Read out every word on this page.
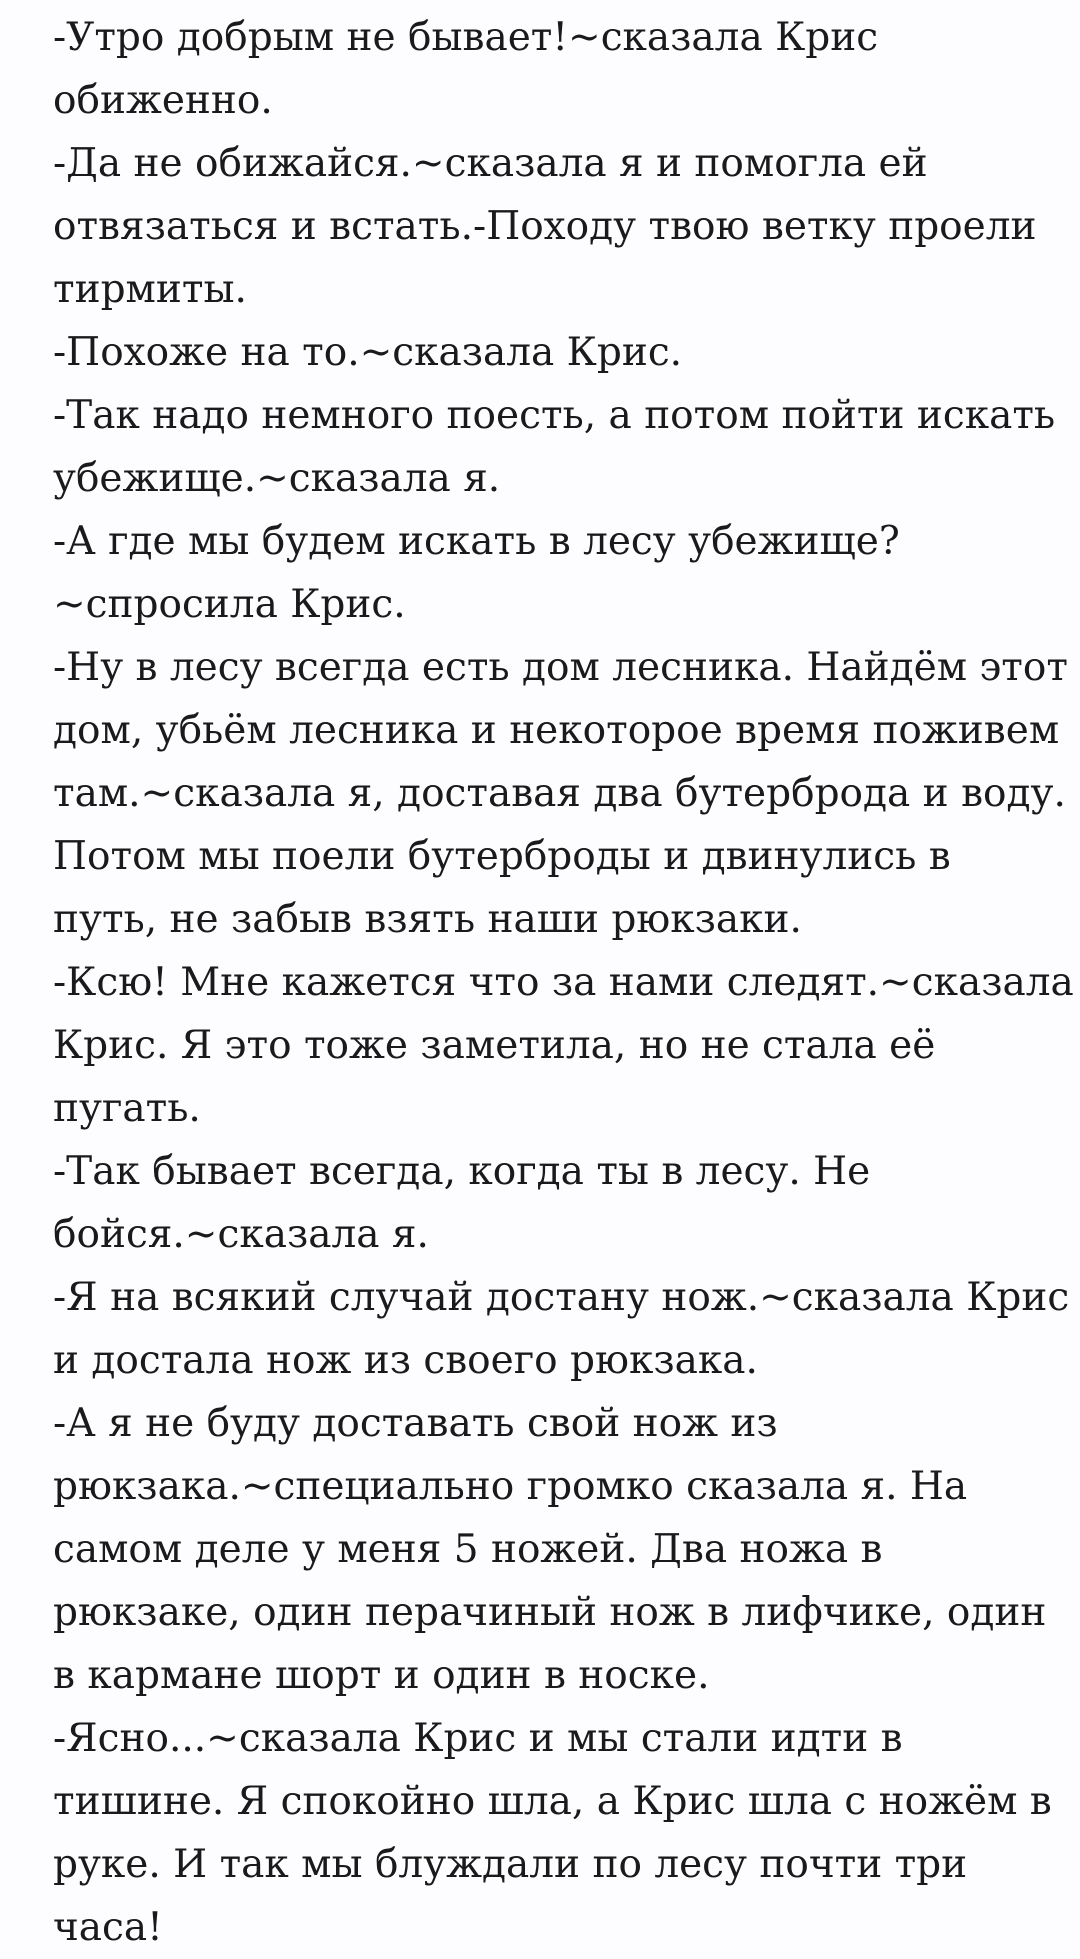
-Утро добрым не бывает!~сказала Крис
обиженно.
-Да не обижайся.~сказала я и помогла ей
отвязаться и встать.-Походу твою ветку проели
тирмиты.
-Похоже на то.~сказала Крис.
-Так надо немного поесть, а потом пойти искать
убежище.~сказала я.
-А где мы будем искать в лесу убежище?
~спросила Крис.
-Ну в лесу всегда есть дом лесника. Найдём этот
дом, убьём лесника и некоторое время поживем
там.~сказала я, доставая два бутерброда и воду.
Потом мы поели бутерброды и двинулись в
путь, не забыв взять наши рюкзаки.
-Ксю! Мне кажется что за нами следят.~сказала
Крис. Я это тоже заметила, но не стала её
пугать.
-Так бывает всегда, когда ты в лесу. Не
бойся.~сказала я.
-Я на всякий случай достану нож.~сказала Крис
и достала нож из своего рюкзака.
-А я не буду доставать свой нож из
рюкзака.~специально громко сказала я. На
самом деле у меня 5 ножей. Два ножа в
рюкзаке, один перачиный нож в лифчике, один
в кармане шорт и один в носке.
-Ясно...~сказала Крис и мы стали идти в
тишине. Я спокойно шла, а Крис шла с ножём в
руке. И так мы блуждали по лесу почти три
часа!
